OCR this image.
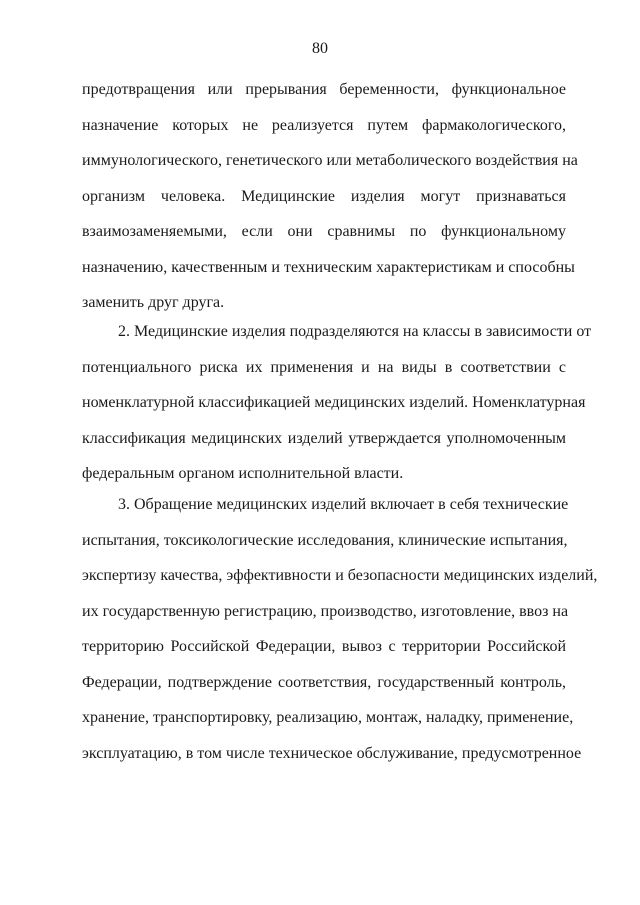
80
предотвращения или прерывания беременности, функциональное
назначение которых не реализуется путем фармакологического,
иммунологического, генетического или метаболического воздействия на
организм человека. Медицинские изделия могут признаваться
взаимозаменяемыми, если они сравнимы по функциональному
назначению, качественным и техническим характеристикам и способны
заменить друг друга.
2. Медицинские изделия подразделяются на классы в зависимости от
потенциального риска их применения и на виды в соответствии с
номенклатурной классификацией медицинских изделий. Номенклатурная
классификация медицинских изделий утверждается уполномоченным
федеральным органом исполнительной власти.
3. Обращение медицинских изделий включает в себя технические
испытания, токсикологические исследования, клинические испытания,
экспертизу качества, эффективности и безопасности медицинских изделий,
их государственную регистрацию, производство, изготовление, ввоз на
территорию Российской Федерации, вывоз с территории Российской
Федерации, подтверждение соответствия, государственный контроль,
хранение, транспортировку, реализацию, монтаж, наладку, применение,
эксплуатацию, в том числе техническое обслуживание, предусмотренное
